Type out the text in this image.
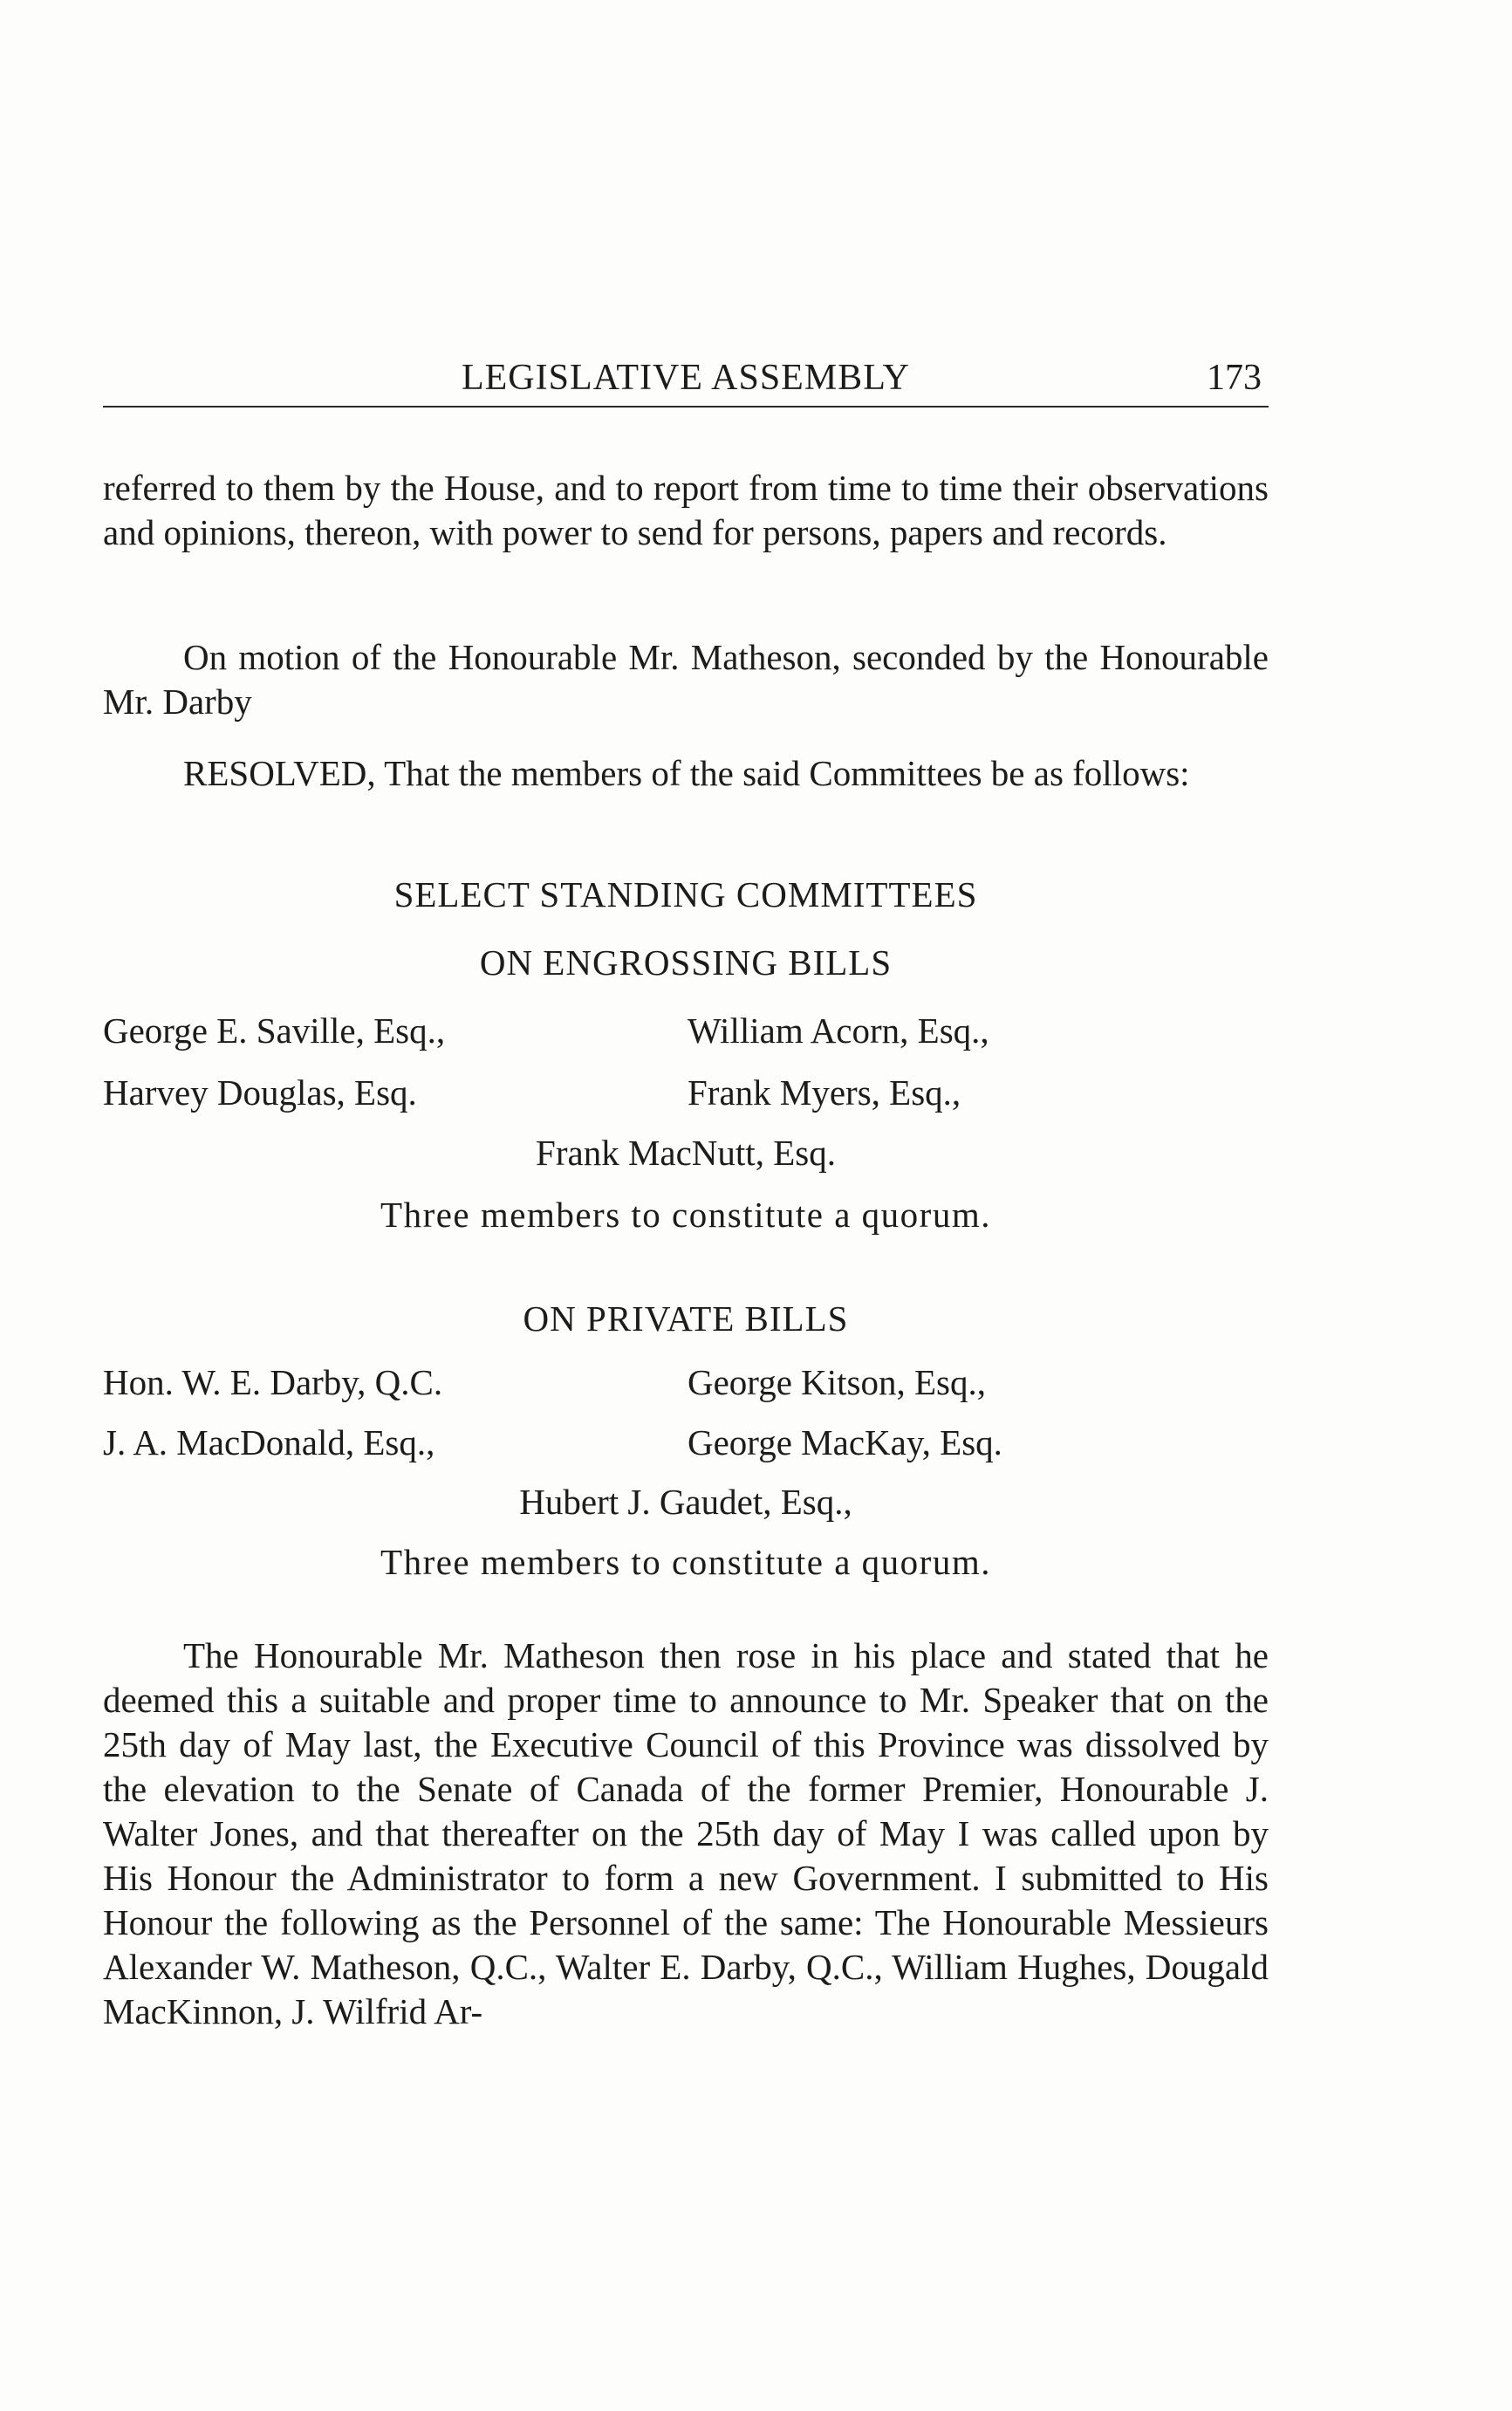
LEGISLATIVE ASSEMBLY	173

referred to them by the House, and to report from time to time their observations and opinions, thereon, with power to send for persons, papers and records.

On motion of the Honourable Mr. Matheson, seconded by the Honourable Mr. Darby

RESOLVED, That the members of the said Committees be as follows:

SELECT STANDING COMMITTEES

ON ENGROSSING BILLS

George E. Saville, Esq.,	William Acorn, Esq.,
Harvey Douglas, Esq.	Frank Myers, Esq.,

Frank MacNutt, Esq.

Three members to constitute a quorum.

ON PRIVATE BILLS

Hon. W. E. Darby, Q.C.	George Kitson, Esq.,
J. A. MacDonald, Esq.,	George MacKay, Esq.

Hubert J. Gaudet, Esq.,

Three members to constitute a quorum.

The Honourable Mr. Matheson then rose in his place and stated that he deemed this a suitable and proper time to announce to Mr. Speaker that on the 25th day of May last, the Executive Council of this Province was dissolved by the elevation to the Senate of Canada of the former Premier, Honourable J. Walter Jones, and that thereafter on the 25th day of May I was called upon by His Honour the Administrator to form a new Government. I submitted to His Honour the following as the Personnel of the same: The Honourable Messieurs Alexander W. Matheson, Q.C., Walter E. Darby, Q.C., William Hughes, Dougald MacKinnon, J. Wilfrid Ar-
